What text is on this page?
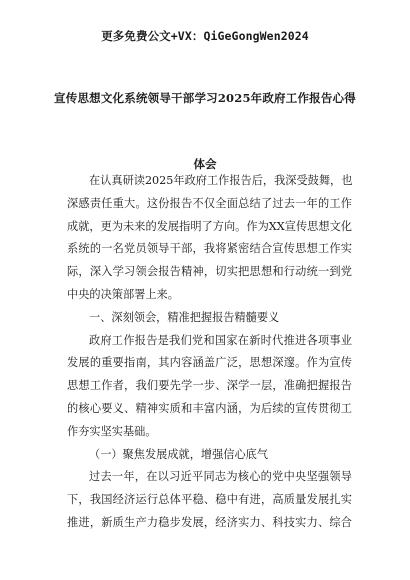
更多免费公文+VX：QiGeGongWen2024
宣传思想文化系统领导干部学习2025年政府工作报告心得
体会
在认真研读2025年政府工作报告后，我深受鼓舞，也
深感责任重大。这份报告不仅全面总结了过去一年的工作
成就，更为未来的发展指明了方向。作为XX宣传思想文化
系统的一名党员领导干部，我将紧密结合宣传思想工作实
际，深入学习领会报告精神，切实把思想和行动统一到党
中央的决策部署上来。
一、深刻领会，精准把握报告精髓要义
政府工作报告是我们党和国家在新时代推进各项事业
发展的重要指南，其内容涵盖广泛，思想深邃。作为宣传
思想工作者，我们要先学一步、深学一层，准确把握报告
的核心要义、精神实质和丰富内涵，为后续的宣传贯彻工
作夯实坚实基础。
（一）聚焦发展成就，增强信心底气
过去一年，在以习近平同志为核心的党中央坚强领导
下，我国经济运行总体平稳、稳中有进，高质量发展扎实
推进，新质生产力稳步发展，经济实力、科技实力、综合
